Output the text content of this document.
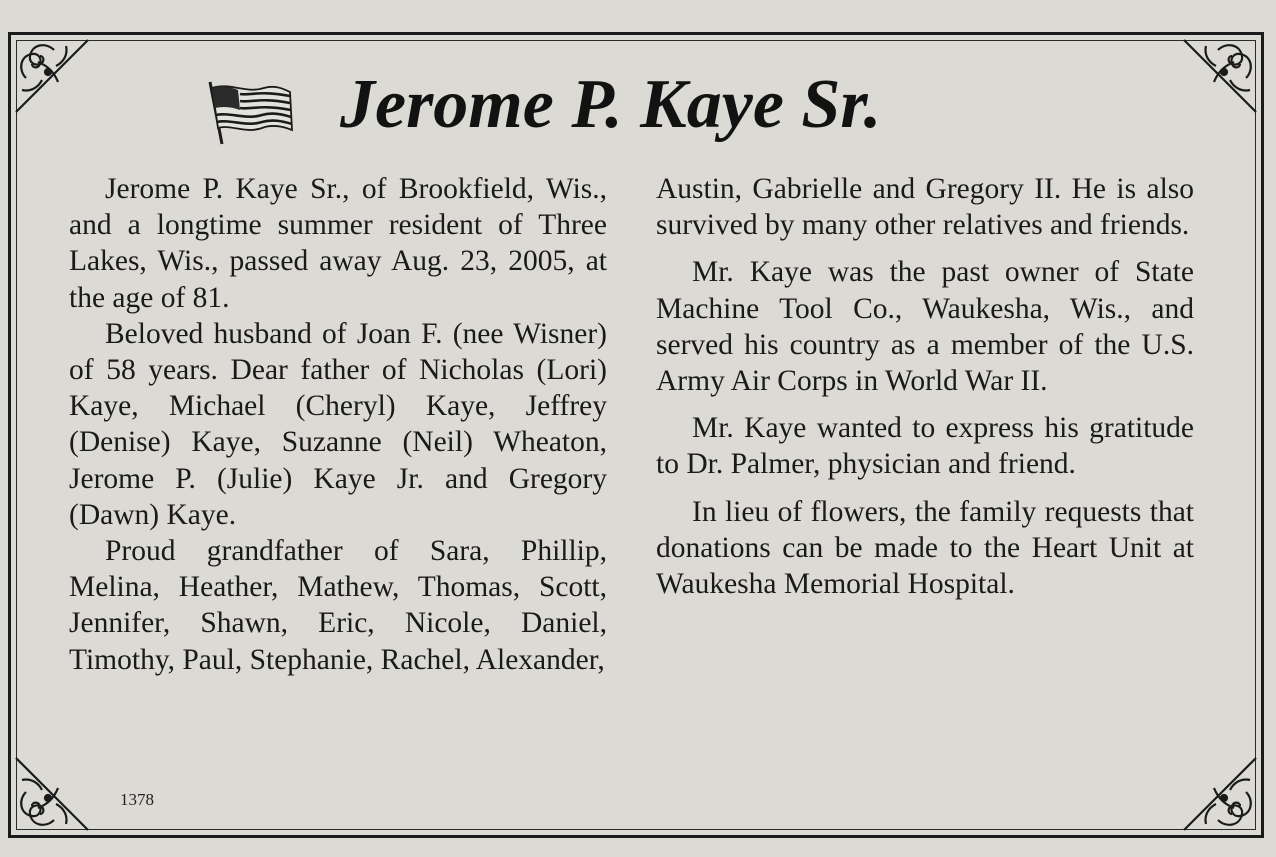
Jerome P. Kaye Sr.

Jerome P. Kaye Sr., of Brookfield, Wis., and a longtime summer resident of Three Lakes, Wis., passed away Aug. 23, 2005, at the age of 81.

Beloved husband of Joan F. (nee Wisner) of 58 years. Dear father of Nicholas (Lori) Kaye, Michael (Cheryl) Kaye, Jeffrey (Denise) Kaye, Suzanne (Neil) Wheaton, Jerome P. (Julie) Kaye Jr. and Gregory (Dawn) Kaye.

Proud grandfather of Sara, Phillip, Melina, Heather, Mathew, Thomas, Scott, Jennifer, Shawn, Eric, Nicole, Daniel, Timothy, Paul, Stephanie, Rachel, Alexander,

Austin, Gabrielle and Gregory II. He is also survived by many other relatives and friends.

Mr. Kaye was the past owner of State Machine Tool Co., Waukesha, Wis., and served his country as a member of the U.S. Army Air Corps in World War II.

Mr. Kaye wanted to express his gratitude to Dr. Palmer, physician and friend.

In lieu of flowers, the family requests that donations can be made to the Heart Unit at Waukesha Memorial Hospital.

1378
